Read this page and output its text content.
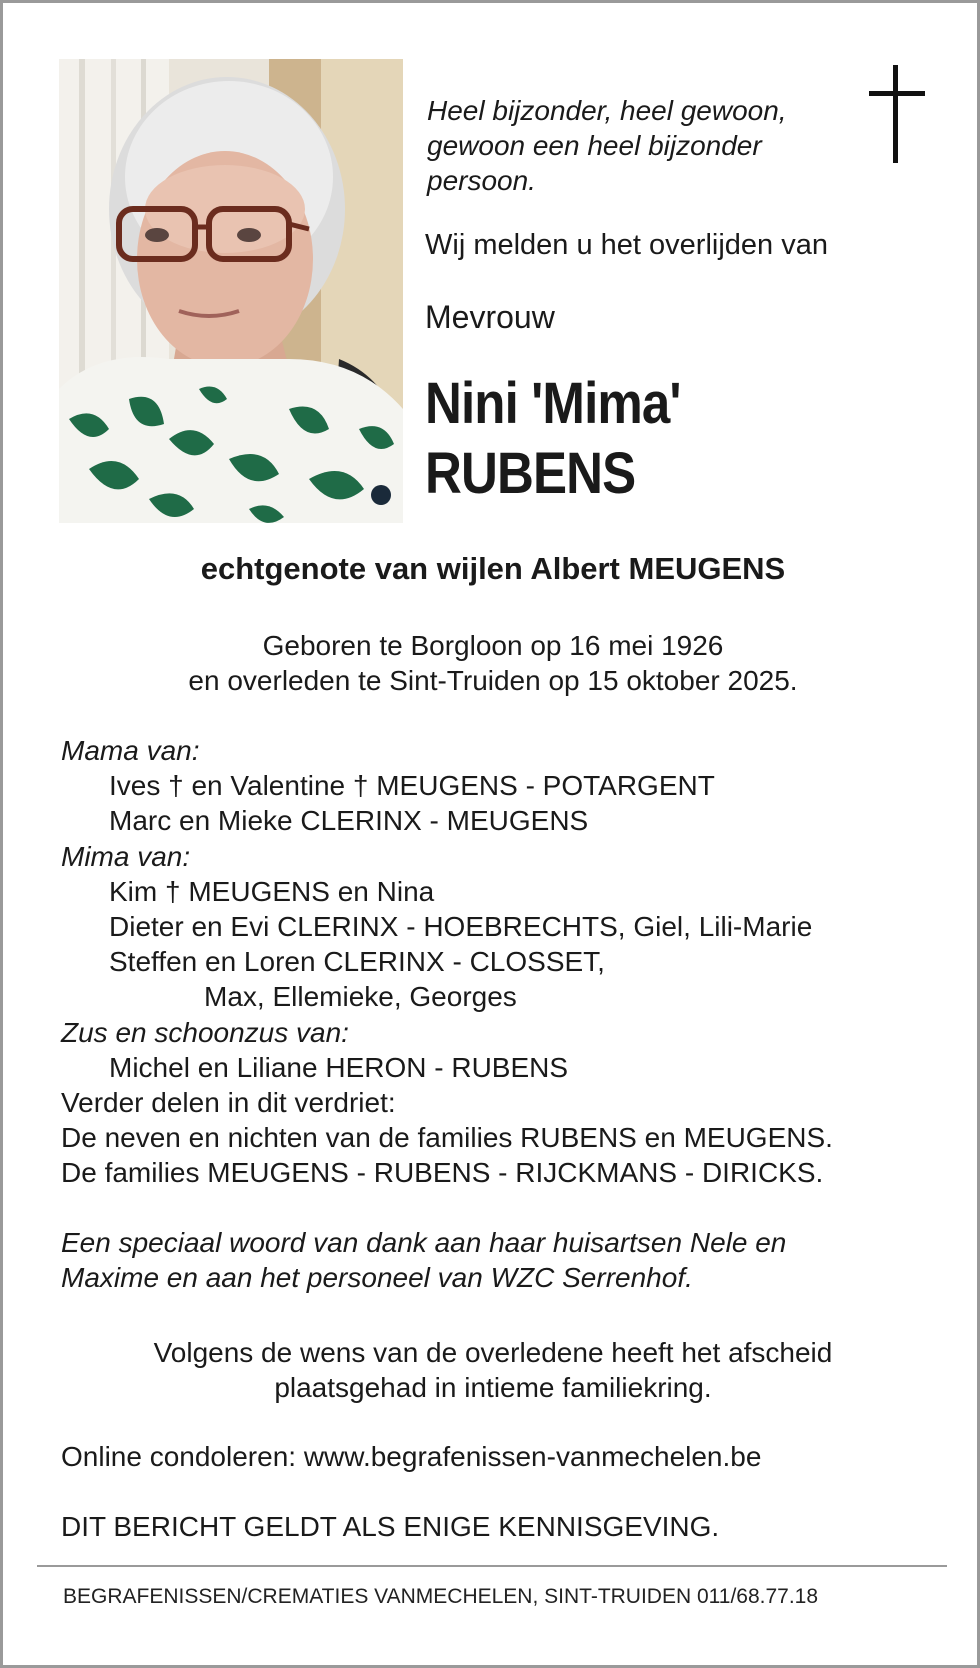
Heel bijzonder, heel gewoon,
gewoon een heel bijzonder
persoon.
Wij melden u het overlijden van
Mevrouw
Nini 'Mima'
RUBENS
echtgenote van wijlen Albert MEUGENS
Geboren te Borgloon op 16 mei 1926
en overleden te Sint-Truiden op 15 oktober 2025.
Mama van:
Ives † en Valentine † MEUGENS - POTARGENT
Marc en Mieke CLERINX - MEUGENS
Mima van:
Kim † MEUGENS en Nina
Dieter en Evi CLERINX - HOEBRECHTS, Giel, Lili-Marie
Steffen en Loren CLERINX - CLOSSET,
Max, Ellemieke, Georges
Zus en schoonzus van:
Michel en Liliane HERON - RUBENS
Verder delen in dit verdriet:
De neven en nichten van de families RUBENS en MEUGENS.
De families MEUGENS - RUBENS - RIJCKMANS - DIRICKS.
Een speciaal woord van dank aan haar huisartsen Nele en
Maxime en aan het personeel van WZC Serrenhof.
Volgens de wens van de overledene heeft het afscheid
plaatsgehad in intieme familiekring.
Online condoleren: www.begrafenissen-vanmechelen.be
DIT BERICHT GELDT ALS ENIGE KENNISGEVING.
BEGRAFENISSEN/CREMATIES VANMECHELEN, SINT-TRUIDEN 011/68.77.18
